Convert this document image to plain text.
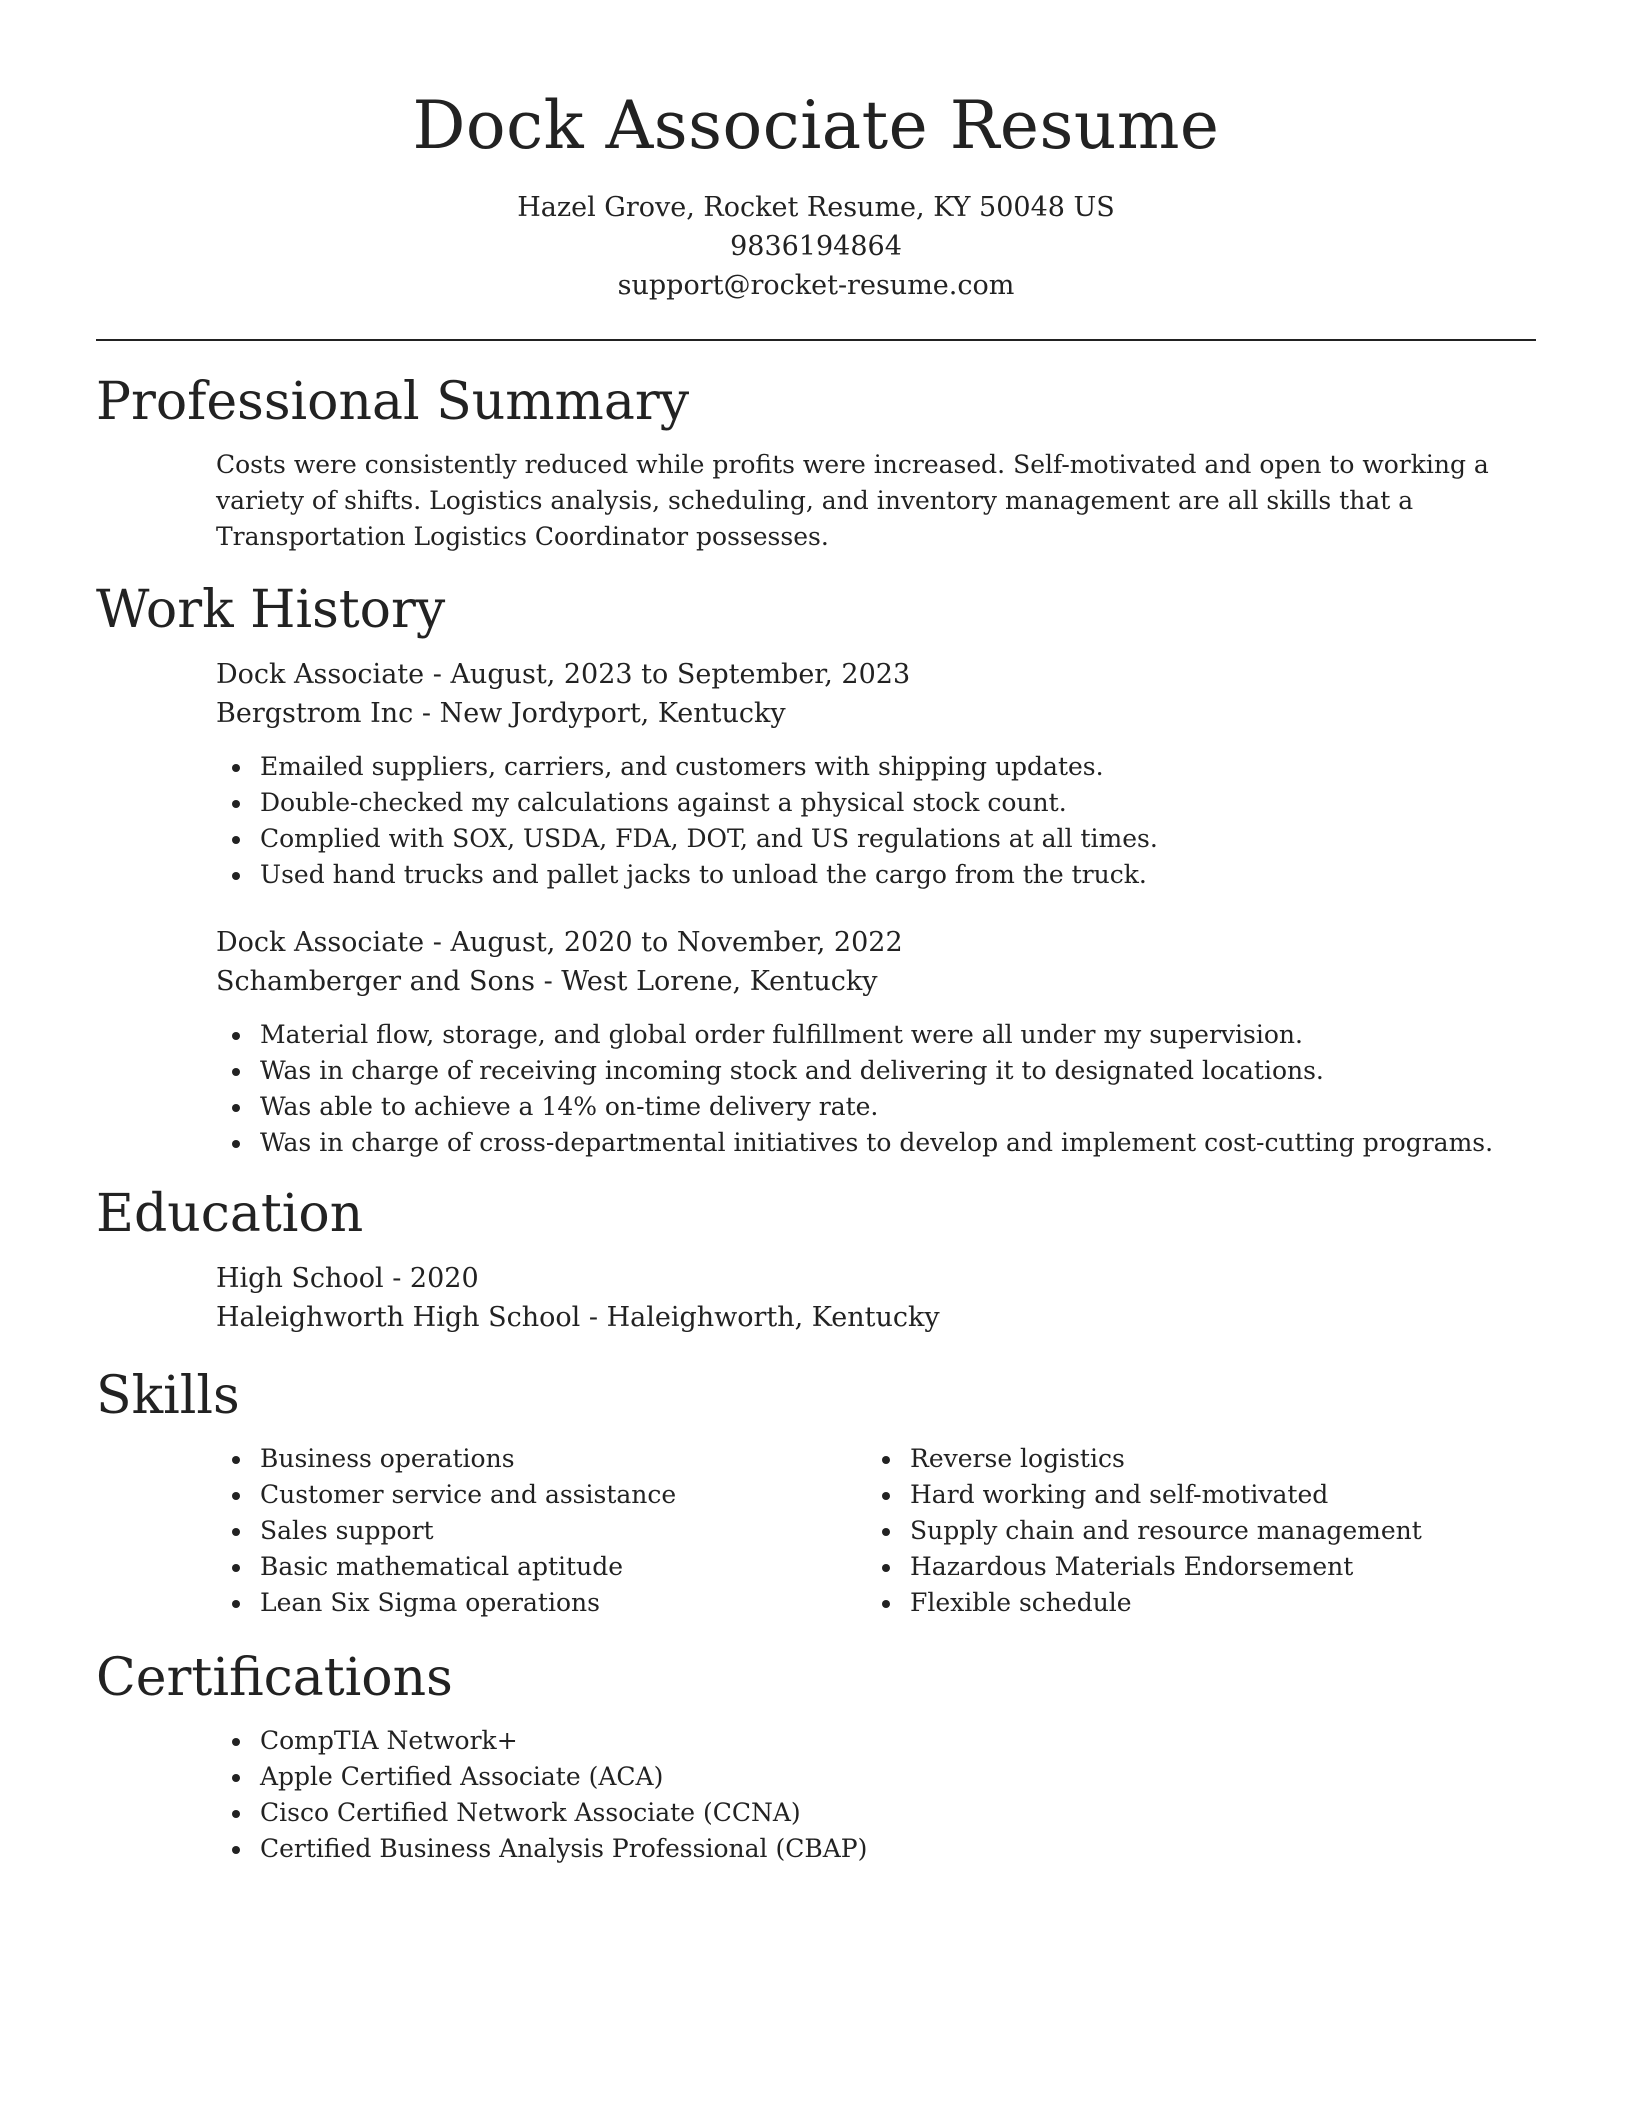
Dock Associate Resume
Hazel Grove, Rocket Resume, KY 50048 US
9836194864
support@rocket-resume.com
Professional Summary

Costs were consistently reduced while profits were increased. Self-motivated and open to working a variety of shifts. Logistics analysis, scheduling, and inventory management are all skills that a Transportation Logistics Coordinator possesses.

Work History
Dock Associate - August, 2023 to September, 2023
Bergstrom Inc - New Jordyport, Kentucky
Emailed suppliers, carriers, and customers with shipping updates.
Double-checked my calculations against a physical stock count.
Complied with SOX, USDA, FDA, DOT, and US regulations at all times.
Used hand trucks and pallet jacks to unload the cargo from the truck.
Dock Associate - August, 2020 to November, 2022
Schamberger and Sons - West Lorene, Kentucky
Material flow, storage, and global order fulfillment were all under my supervision.
Was in charge of receiving incoming stock and delivering it to designated locations.
Was able to achieve a 14% on-time delivery rate.
Was in charge of cross-departmental initiatives to develop and implement cost-cutting programs.
Education
High School - 2020
Haleighworth High School - Haleighworth, Kentucky
Skills
Business operations
Customer service and assistance
Sales support
Basic mathematical aptitude
Lean Six Sigma operations
Reverse logistics
Hard working and self-motivated
Supply chain and resource management
Hazardous Materials Endorsement
Flexible schedule
Certifications
CompTIA Network+
Apple Certified Associate (ACA)
Cisco Certified Network Associate (CCNA)
Certified Business Analysis Professional (CBAP)
